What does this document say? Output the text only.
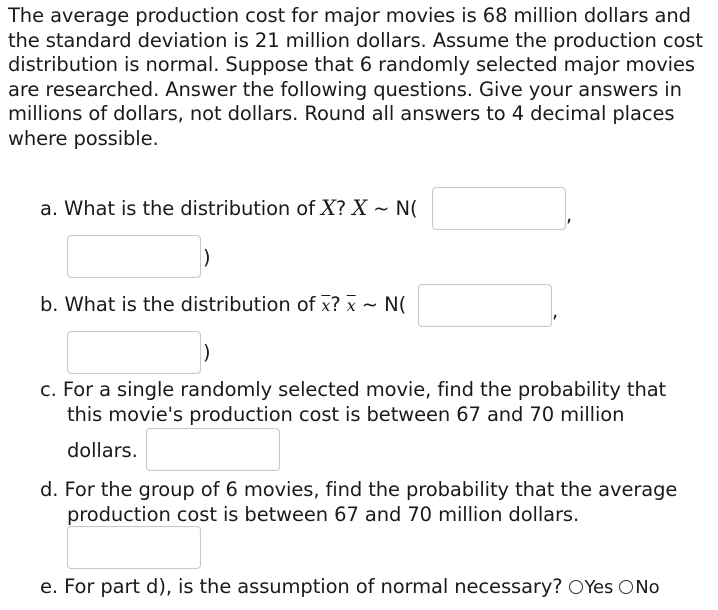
The average production cost for major movies is 68 million dollars and the standard deviation is 21 million dollars. Assume the production cost distribution is normal. Suppose that 6 randomly selected major movies are researched. Answer the following questions. Give your answers in millions of dollars, not dollars. Round all answers to 4 decimal places where possible.
a. What is the distribution of X? X ~ N(	,
)
b. What is the distribution of $\overline{x}$? $\overline{x}$ ~ N(	,
)
c. For a single randomly selected movie, find the probability that
this movie's production cost is between 67 and 70 million
dollars.
d. For the group of 6 movies, find the probability that the average
production cost is between 67 and 70 million dollars.
e. For part d), is the assumption of normal necessary? Yes No
